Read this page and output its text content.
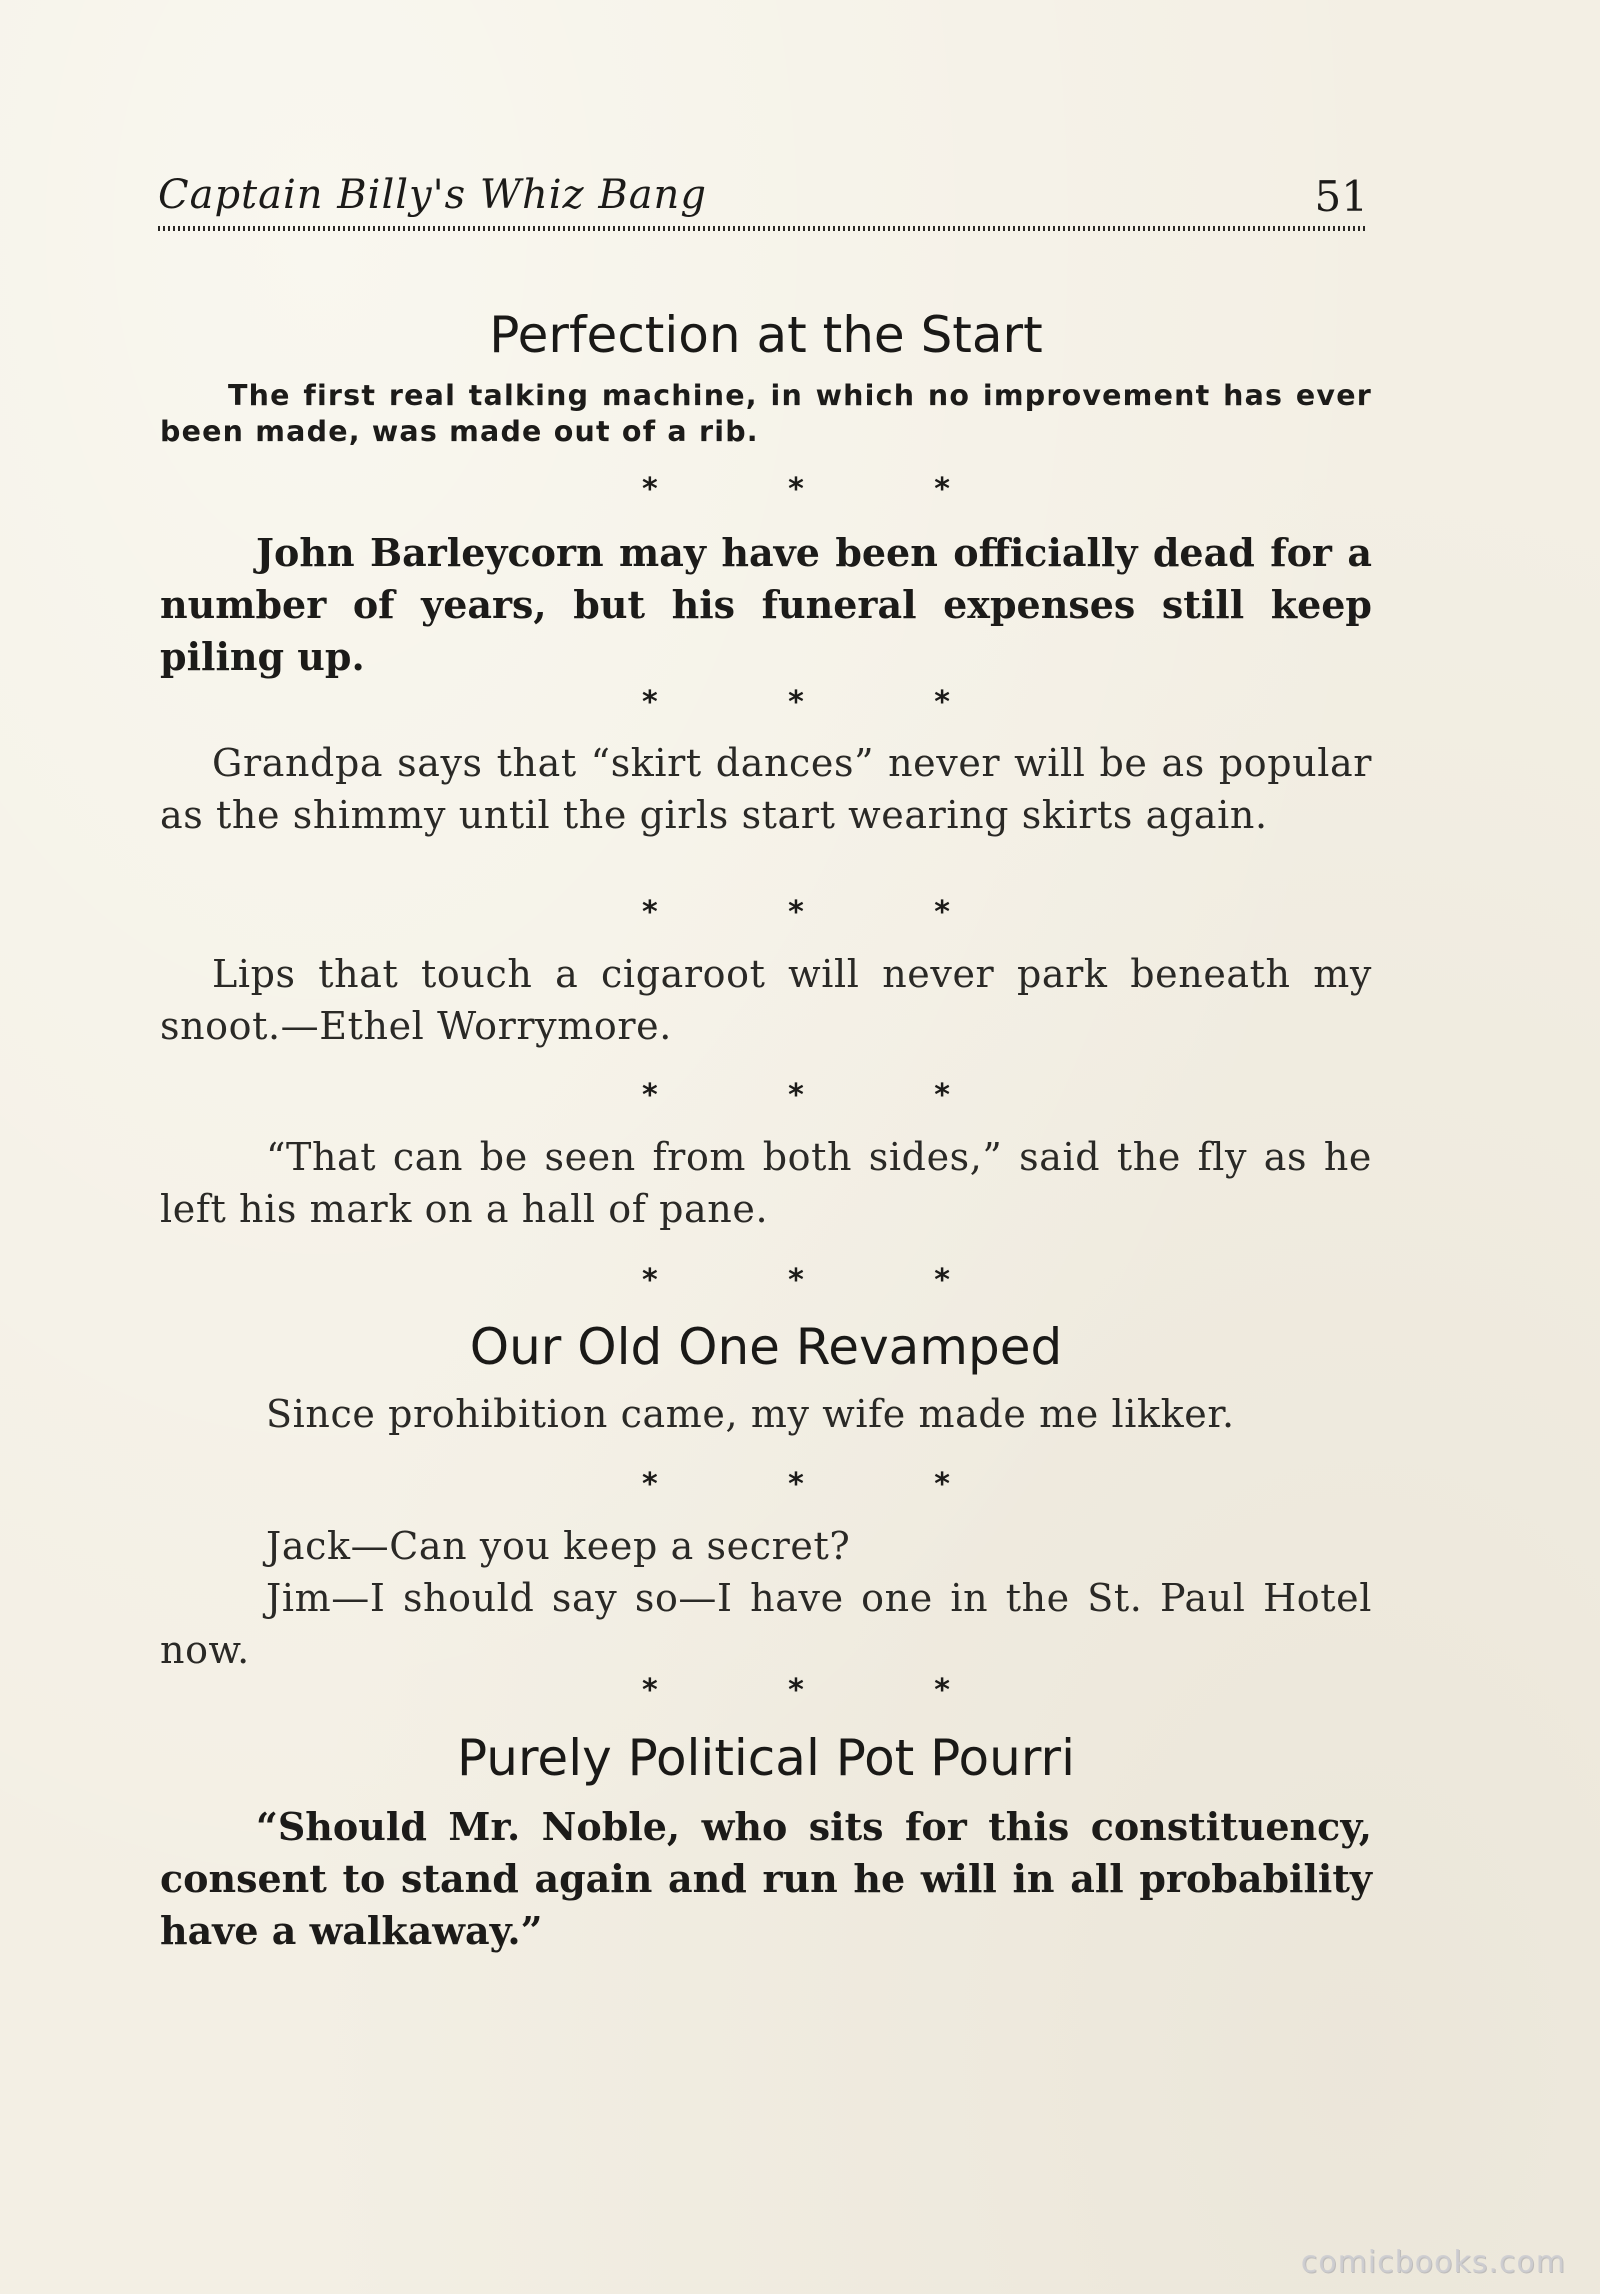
Captain Billy's Whiz Bang	51
Perfection at the Start

The first real talking machine, in which no improvement has ever been made, was made out of a rib.

* * *

John Barleycorn may have been officially dead for a number of years, but his funeral expenses still keep piling up.

* * *

Grandpa says that “skirt dances” never will be as popular as the shimmy until the girls start wearing skirts again.

* * *

Lips that touch a cigaroot will never park beneath my snoot.—Ethel Worrymore.

* * *

“That can be seen from both sides,” said the fly as he left his mark on a hall of pane.

* * *
Our Old One Revamped

Since prohibition came, my wife made me likker.

* * *

Jack—Can you keep a secret?

Jim—I should say so—I have one in the St. Paul Hotel now.

* * *
Purely Political Pot Pourri

“Should Mr. Noble, who sits for this constituency, consent to stand again and run he will in all probability have a walkaway.”

comicbooks.com
